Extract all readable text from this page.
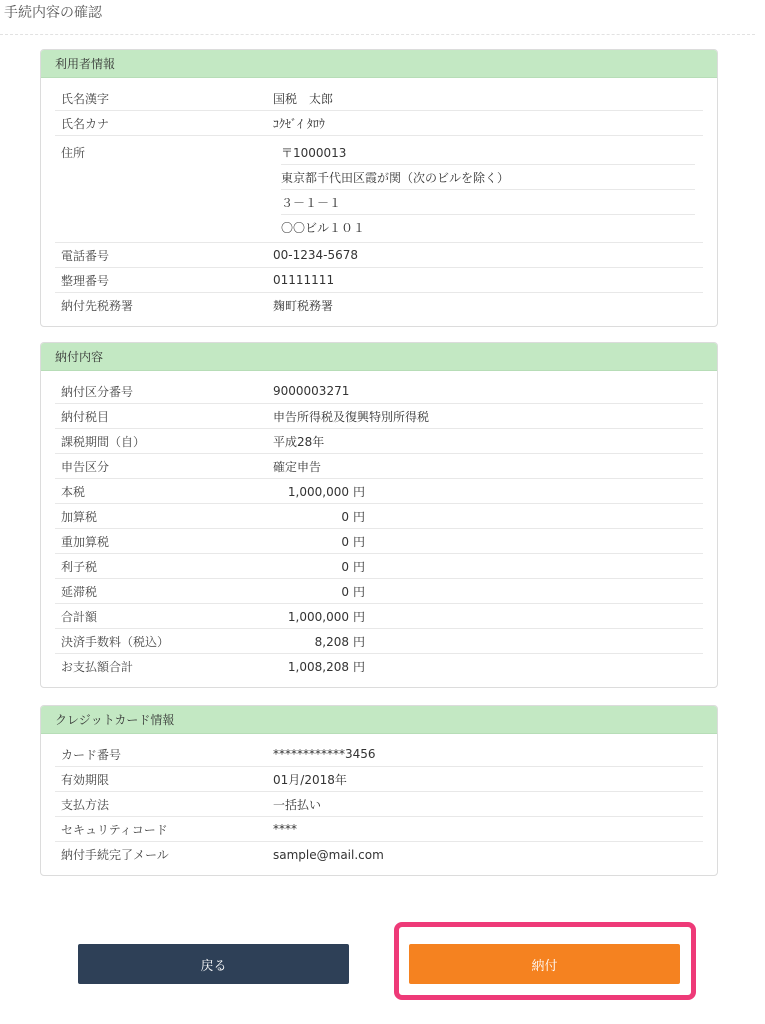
手続内容の確認
利用者情報
氏名漢字	国税　太郎
氏名カナ	ｺｸｾﾞｲ ﾀﾛｳ
住所	〒1000013
東京都千代田区霞が関（次のビルを除く）
３－１－１
〇〇ビル１０１
電話番号	00-1234-5678
整理番号	01111111
納付先税務署	麹町税務署
納付内容
納付区分番号	9000003271
納付税目	申告所得税及復興特別所得税
課税期間（自）	平成28年
申告区分	確定申告
本税	1,000,000 円
加算税	0 円
重加算税	0 円
利子税	0 円
延滞税	0 円
合計額	1,000,000 円
決済手数料（税込）	8,208 円
お支払額合計	1,008,208 円
クレジットカード情報
カード番号	************3456
有効期限	01月/2018年
支払方法	一括払い
セキュリティコード	****
納付手続完了メール	sample@mail.com
戻る	納付
